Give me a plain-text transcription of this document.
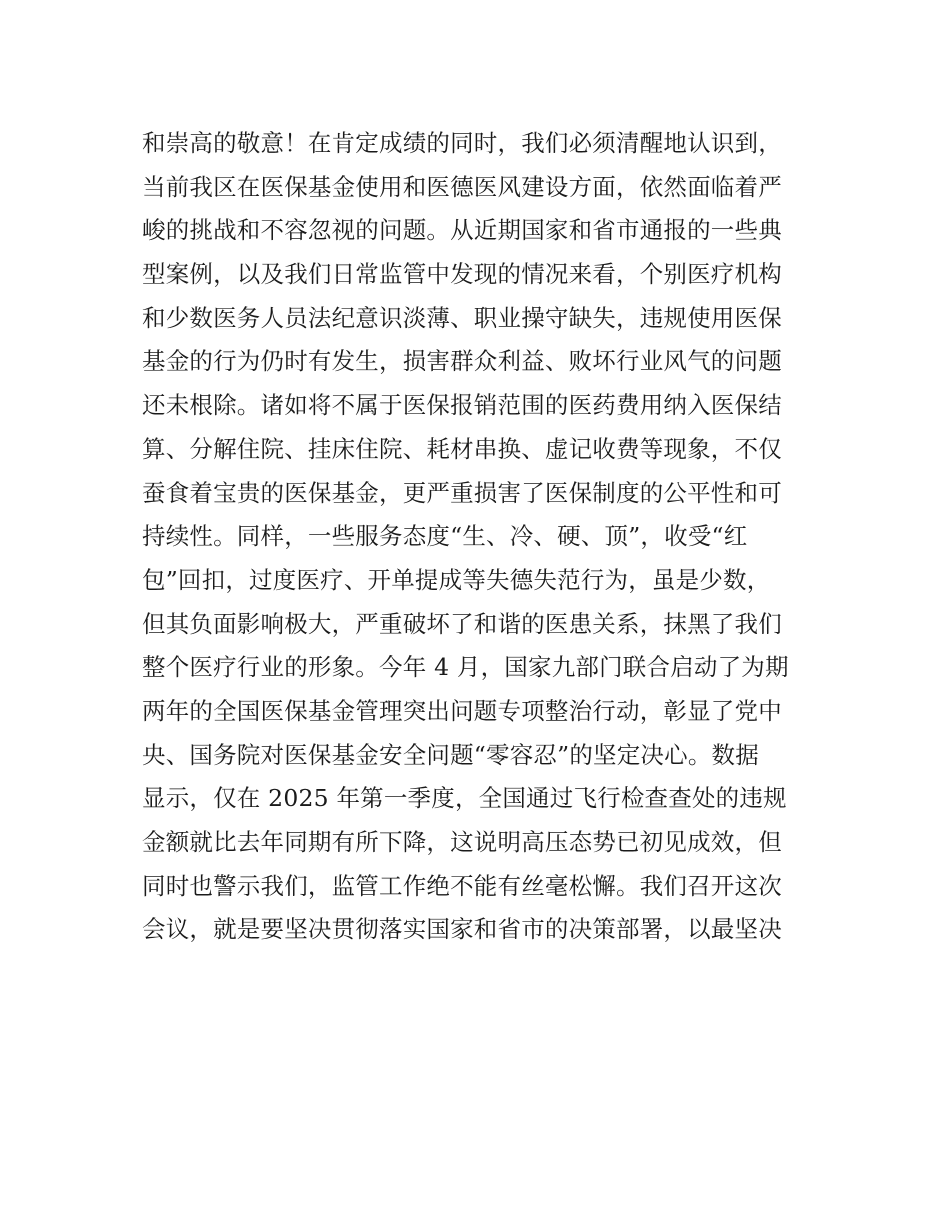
和崇高的敬意！在肯定成绩的同时，我们必须清醒地认识到，
当前我区在医保基金使用和医德医风建设方面，依然面临着严
峻的挑战和不容忽视的问题。从近期国家和省市通报的一些典
型案例，以及我们日常监管中发现的情况来看，个别医疗机构
和少数医务人员法纪意识淡薄、职业操守缺失，违规使用医保
基金的行为仍时有发生，损害群众利益、败坏行业风气的问题
还未根除。诸如将不属于医保报销范围的医药费用纳入医保结
算、分解住院、挂床住院、耗材串换、虚记收费等现象，不仅
蚕食着宝贵的医保基金，更严重损害了医保制度的公平性和可
持续性。同样，一些服务态度“生、冷、硬、顶”，收受“红
包”回扣，过度医疗、开单提成等失德失范行为，虽是少数，
但其负面影响极大，严重破坏了和谐的医患关系，抹黑了我们
整个医疗行业的形象。今年 4 月，国家九部门联合启动了为期
两年的全国医保基金管理突出问题专项整治行动，彰显了党中
央、国务院对医保基金安全问题“零容忍”的坚定决心。数据
显示，仅在 2025 年第一季度，全国通过飞行检查查处的违规
金额就比去年同期有所下降，这说明高压态势已初见成效，但
同时也警示我们，监管工作绝不能有丝毫松懈。我们召开这次
会议，就是要坚决贯彻落实国家和省市的决策部署，以最坚决
